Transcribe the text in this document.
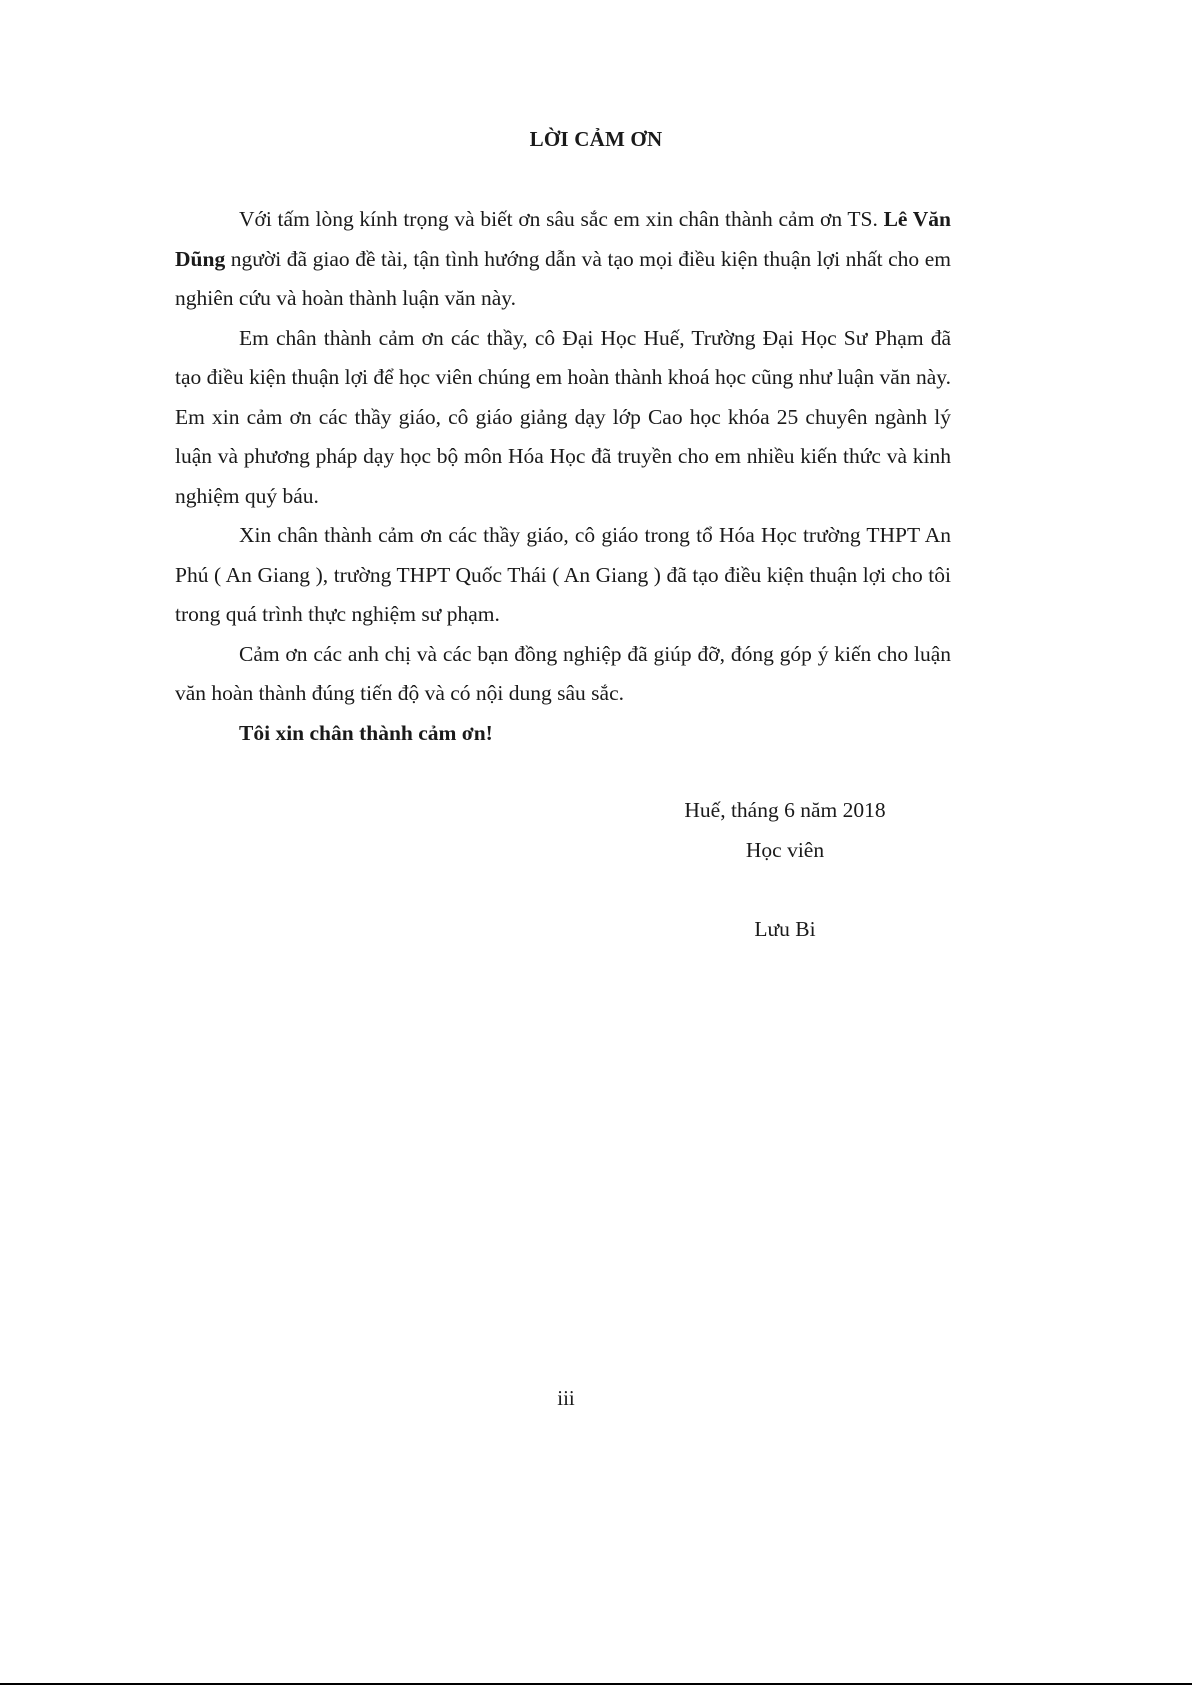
LỜI CẢM ƠN

Với tấm lòng kính trọng và biết ơn sâu sắc em xin chân thành cảm ơn TS. Lê Văn Dũng người đã giao đề tài, tận tình hướng dẫn và tạo mọi điều kiện thuận lợi nhất cho em nghiên cứu và hoàn thành luận văn này.

Em chân thành cảm ơn các thầy, cô Đại Học Huế, Trường Đại Học Sư Phạm đã tạo điều kiện thuận lợi để học viên chúng em hoàn thành khoá học cũng như luận văn này. Em xin cảm ơn các thầy giáo, cô giáo giảng dạy lớp Cao học khóa 25 chuyên ngành lý luận và phương pháp dạy học bộ môn Hóa Học đã truyền cho em nhiều kiến thức và kinh nghiệm quý báu.

Xin chân thành cảm ơn các thầy giáo, cô giáo trong tổ Hóa Học trường THPT An Phú ( An Giang ), trường THPT Quốc Thái ( An Giang ) đã tạo điều kiện thuận lợi cho tôi trong quá trình thực nghiệm sư phạm.

Cảm ơn các anh chị và các bạn đồng nghiệp đã giúp đỡ, đóng góp ý kiến cho luận văn hoàn thành đúng tiến độ và có nội dung sâu sắc.

Tôi xin chân thành cảm ơn!

Huế, tháng 6 năm 2018
Học viên
Lưu Bi
iii
